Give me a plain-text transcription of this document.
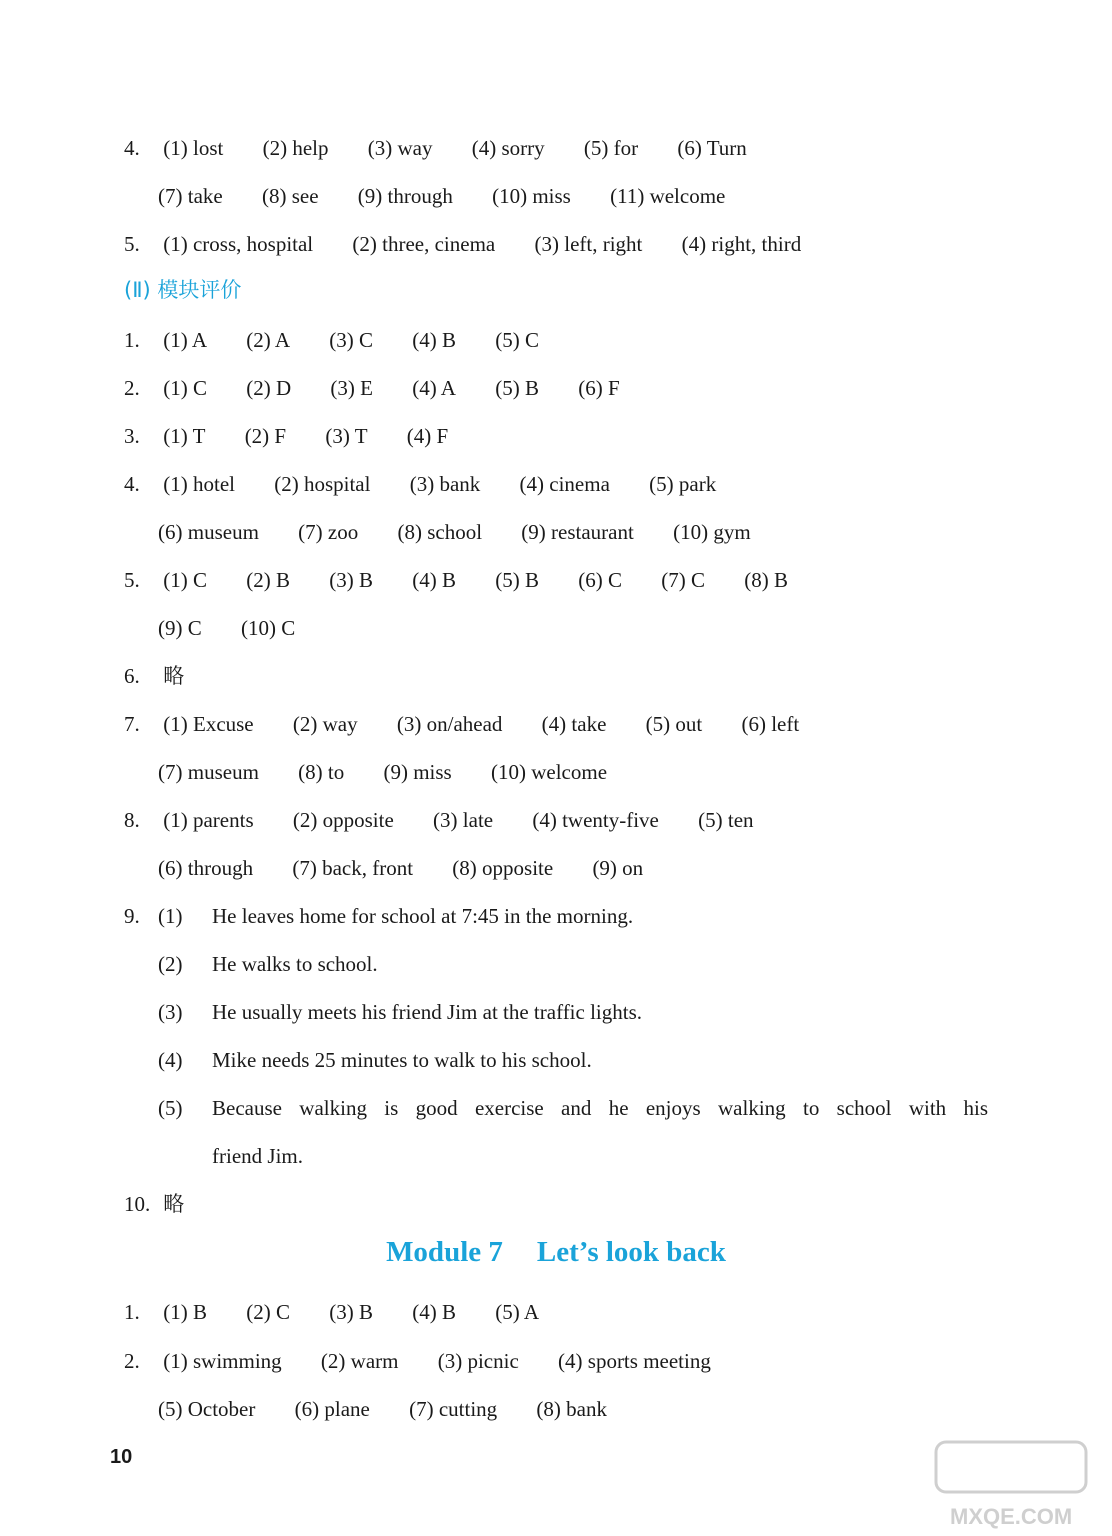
4. (1) lost (2) help (3) way (4) sorry (5) for (6) Turn
(7) take (8) see (9) through (10) miss (11) welcome
5. (1) cross, hospital (2) three, cinema (3) left, right (4) right, third
(Ⅱ) 模块评价
1. (1) A (2) A (3) C (4) B (5) C
2. (1) C (2) D (3) E (4) A (5) B (6) F
3. (1) T (2) F (3) T (4) F
4. (1) hotel (2) hospital (3) bank (4) cinema (5) park
(6) museum (7) zoo (8) school (9) restaurant (10) gym
5. (1) C (2) B (3) B (4) B (5) B (6) C (7) C (8) B
(9) C (10) C
6. 略
7. (1) Excuse (2) way (3) on/ahead (4) take (5) out (6) left
(7) museum (8) to (9) miss (10) welcome
8. (1) parents (2) opposite (3) late (4) twenty-five (5) ten
(6) through (7) back, front (8) opposite (9) on
9. (1) He leaves home for school at 7:45 in the morning.
(2) He walks to school.
(3) He usually meets his friend Jim at the traffic lights.
(4) Mike needs 25 minutes to walk to his school.
(5) Because walking is good exercise and he enjoys walking to school with his
friend Jim.
10. 略
Module 7 Let’s look back
1. (1) B (2) C (3) B (4) B (5) A
2. (1) swimming (2) warm (3) picnic (4) sports meeting
(5) October (6) plane (7) cutting (8) bank
10
MXQE.COM
